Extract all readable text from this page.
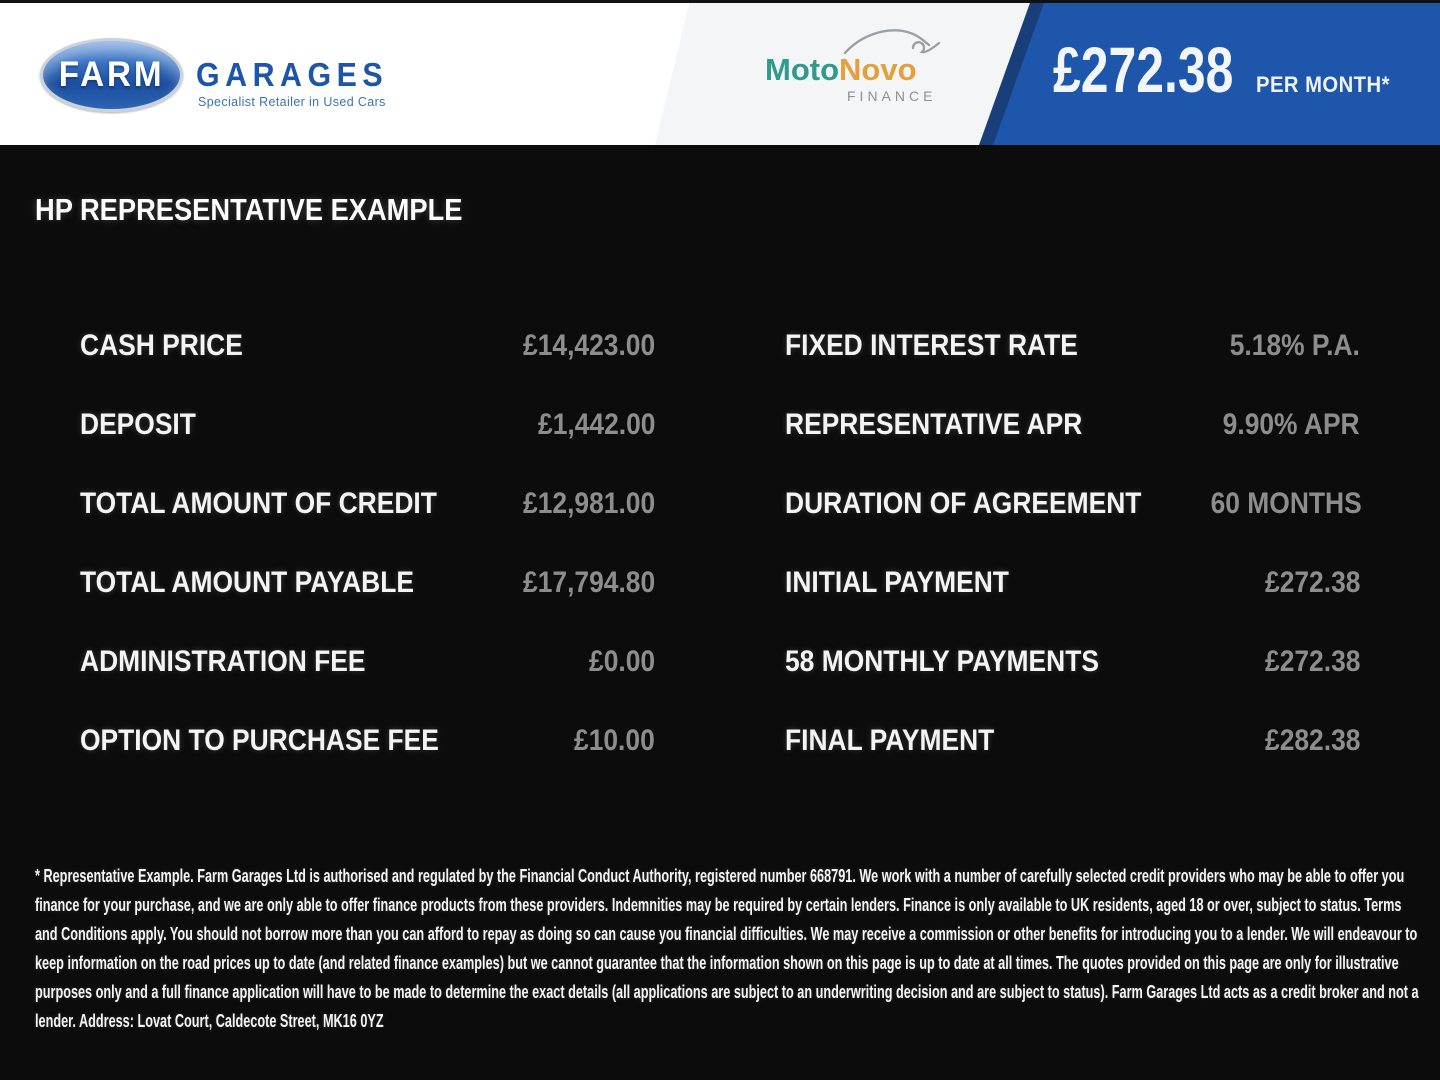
FARM GARAGES
Specialist Retailer in Used Cars
MotoNovo
FINANCE £272.38 PER MONTH*
HP REPRESENTATIVE EXAMPLE
CASH PRICE	£14,423.00	FIXED INTEREST RATE	5.18% P.A.
DEPOSIT	£1,442.00	REPRESENTATIVE APR	9.90% APR
TOTAL AMOUNT OF CREDIT	£12,981.00	DURATION OF AGREEMENT 60 MONTHS
TOTAL AMOUNT PAYABLE	£17,794.80	INITIAL PAYMENT	£272.38
ADMINISTRATION FEE	£0.00	58 MONTHLY PAYMENTS	£272.38
OPTION TO PURCHASE FEE	£10.00	FINAL PAYMENT	£282.38

* Representative Example. Farm Garages Ltd is authorised and regulated by the Financial Conduct Authority, registered number 668791. We work with a number of carefully selected credit providers who may be able to offer you finance for your purchase, and we are only able to offer finance products from these providers. Indemnities may be required by certain lenders. Finance is only available to UK residents, aged 18 or over, subject to status. Terms and Conditions apply. You should not borrow more than you can afford to repay as doing so can cause you financial difficulties. We may receive a commission or other benefits for introducing you to a lender. We will endeavour to keep information on the road prices up to date (and related finance examples) but we cannot guarantee that the information shown on this page is up to date at all times. The quotes provided on this page are only for illustrative purposes only and a full finance application will have to be made to determine the exact details (all applications are subject to an underwriting decision and are subject to status). Farm Garages Ltd acts as a credit broker and not a lender. Address: Lovat Court, Caldecote Street, MK16 0YZ
